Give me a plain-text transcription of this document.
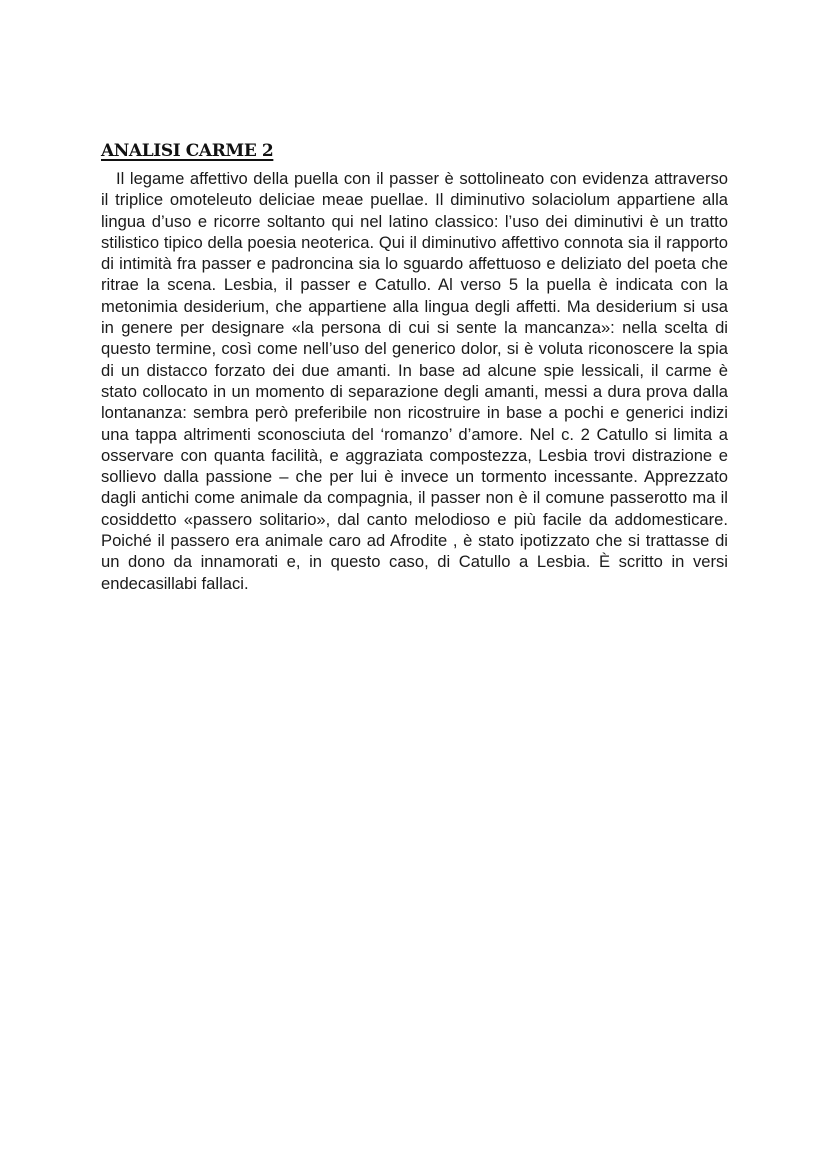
ANALISI CARME 2

Il legame affettivo della puella con il passer è sottolineato con evidenza attraverso il triplice omoteleuto deliciae meae puellae. Il diminutivo solaciolum appartiene alla lingua d’uso e ricorre soltanto qui nel latino classico: l’uso dei diminutivi è un tratto stilistico tipico della poesia neoterica. Qui il diminutivo affettivo connota sia il rapporto di intimità fra passer e padroncina sia lo sguardo affettuoso e deliziato del poeta che ritrae la scena. Lesbia, il passer e Catullo. Al verso 5 la puella è indicata con la metonimia desiderium, che appartiene alla lingua degli affetti. Ma desiderium si usa in genere per designare «la persona di cui si sente la mancanza»: nella scelta di questo termine, così come nell’uso del generico dolor, si è voluta riconoscere la spia di un distacco forzato dei due amanti. In base ad alcune spie lessicali, il carme è stato collocato in un momento di separazione degli amanti, messi a dura prova dalla lontananza: sembra però preferibile non ricostruire in base a pochi e generici indizi una tappa altrimenti sconosciuta del ‘romanzo’ d’amore. Nel c. 2 Catullo si limita a osservare con quanta facilità, e aggraziata compostezza, Lesbia trovi distrazione e sollievo dalla passione – che per lui è invece un tormento incessante. Apprezzato dagli antichi come animale da compagnia, il passer non è il comune passerotto ma il cosiddetto «passero solitario», dal canto melodioso e più facile da addomesticare. Poiché il passero era animale caro ad Afrodite , è stato ipotizzato che si trattasse di un dono da innamorati e, in questo caso, di Catullo a Lesbia. È scritto in versi endecasillabi fallaci.
